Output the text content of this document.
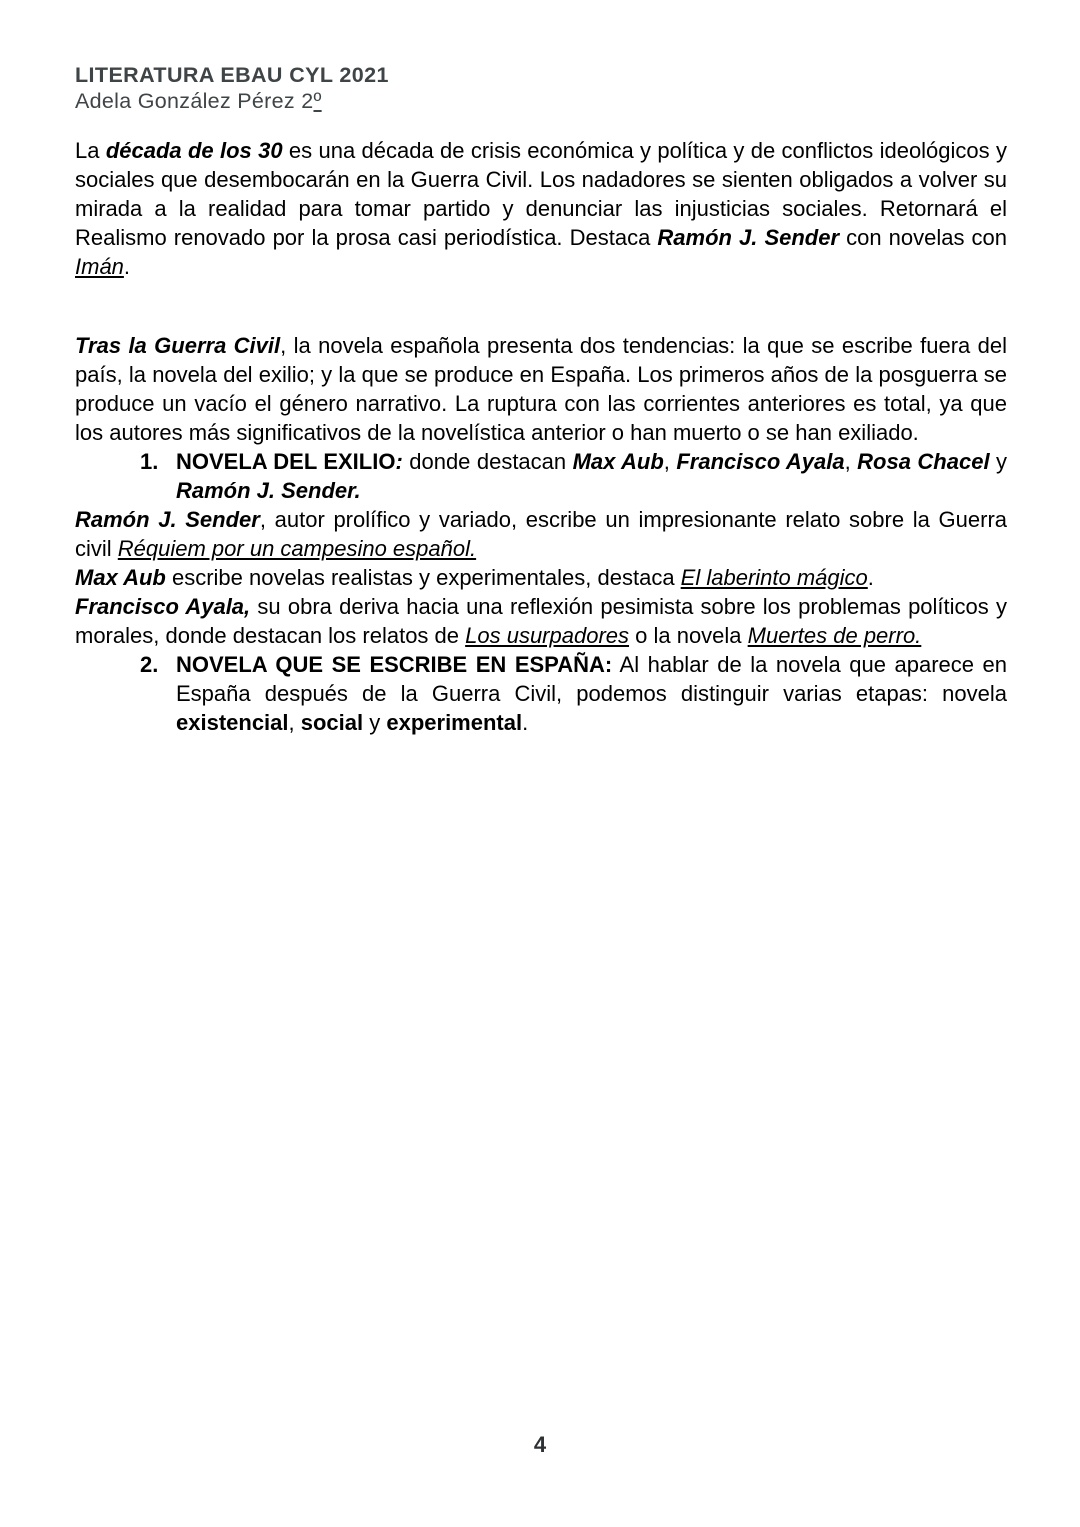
LITERATURA EBAU CYL 2021
Adela González Pérez 2º
La década de los 30 es una década de crisis económica y política y de conflictos ideológicos y sociales que desembocarán en la Guerra Civil. Los nadadores se sienten obligados a volver su mirada a la realidad para tomar partido y denunciar las injusticias sociales. Retornará el Realismo renovado por la prosa casi periodística. Destaca Ramón J. Sender con novelas con Imán.
Tras la Guerra Civil, la novela española presenta dos tendencias: la que se escribe fuera del país, la novela del exilio; y la que se produce en España. Los primeros años de la posguerra se produce un vacío el género narrativo. La ruptura con las corrientes anteriores es total, ya que los autores más significativos de la novelística anterior o han muerto o se han exiliado.
1. NOVELA DEL EXILIO: donde destacan Max Aub, Francisco Ayala, Rosa Chacel y Ramón J. Sender.
Ramón J. Sender, autor prolífico y variado, escribe un impresionante relato sobre la Guerra civil Réquiem por un campesino español.
Max Aub escribe novelas realistas y experimentales, destaca El laberinto mágico.
Francisco Ayala, su obra deriva hacia una reflexión pesimista sobre los problemas políticos y morales, donde destacan los relatos de Los usurpadores o la novela Muertes de perro.
2. NOVELA QUE SE ESCRIBE EN ESPAÑA: Al hablar de la novela que aparece en España después de la Guerra Civil, podemos distinguir varias etapas: novela existencial, social y experimental.
4
